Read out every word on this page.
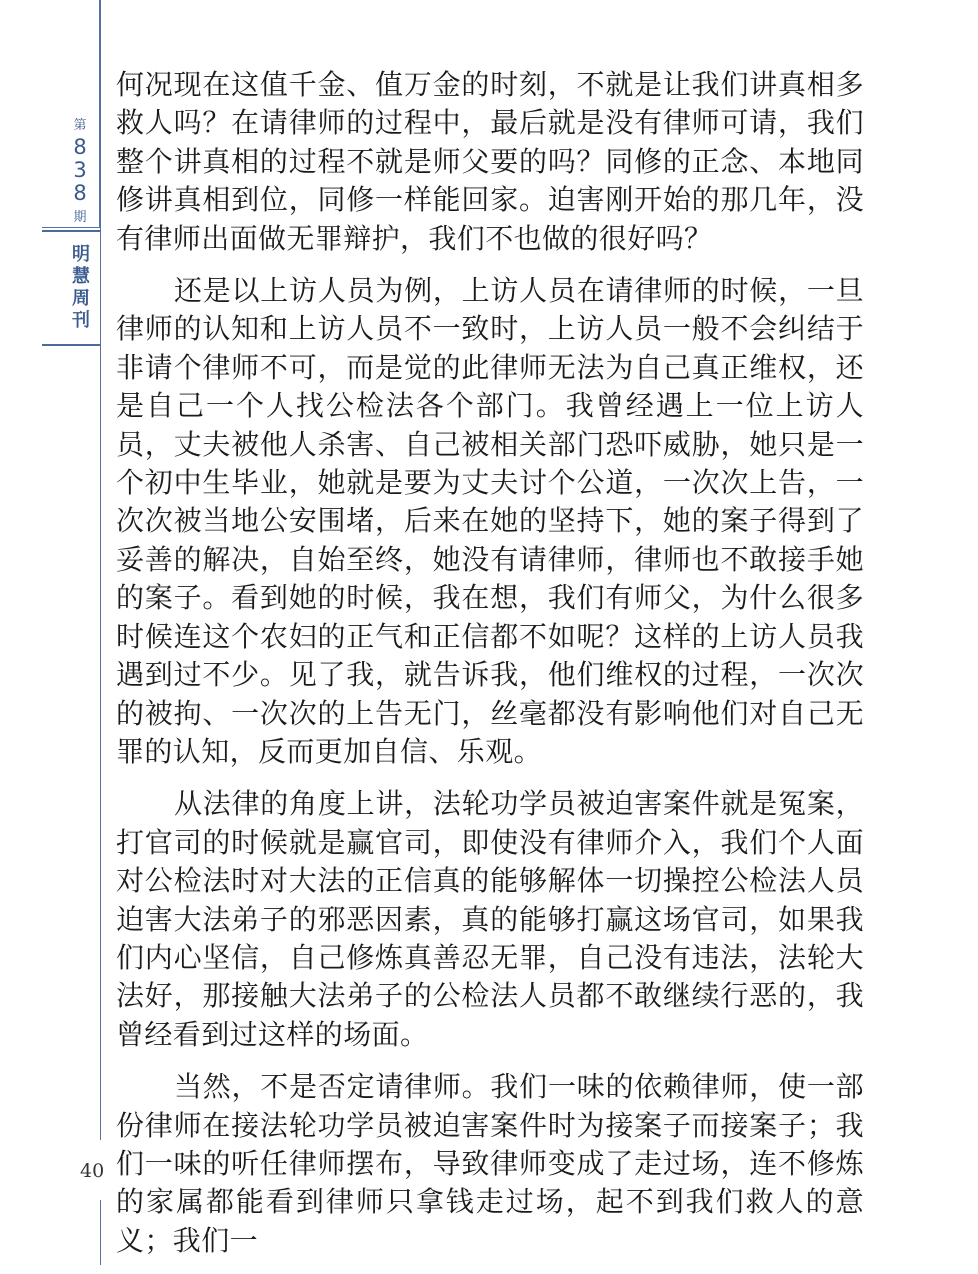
第
8
3
8
期
明
慧
周
刊
40

何况现在这值千金、值万金的时刻，不就是让我们讲真相多救人吗？在请律师的过程中，最后就是没有律师可请，我们整个讲真相的过程不就是师父要的吗？同修的正念、本地同修讲真相到位，同修一样能回家。迫害刚开始的那几年，没有律师出面做无罪辩护，我们不也做的很好吗？

还是以上访人员为例，上访人员在请律师的时候，一旦律师的认知和上访人员不一致时，上访人员一般不会纠结于非请个律师不可，而是觉的此律师无法为自己真正维权，还是自己一个人找公检法各个部门。我曾经遇上一位上访人员，丈夫被他人杀害、自己被相关部门恐吓威胁，她只是一个初中生毕业，她就是要为丈夫讨个公道，一次次上告，一次次被当地公安围堵，后来在她的坚持下，她的案子得到了妥善的解决，自始至终，她没有请律师，律师也不敢接手她的案子。看到她的时候，我在想，我们有师父，为什么很多时候连这个农妇的正气和正信都不如呢？这样的上访人员我遇到过不少。见了我，就告诉我，他们维权的过程，一次次的被拘、一次次的上告无门，丝毫都没有影响他们对自己无罪的认知，反而更加自信、乐观。

从法律的角度上讲，法轮功学员被迫害案件就是冤案，打官司的时候就是赢官司，即使没有律师介入，我们个人面对公检法时对大法的正信真的能够解体一切操控公检法人员迫害大法弟子的邪恶因素，真的能够打赢这场官司，如果我们内心坚信，自己修炼真善忍无罪，自己没有违法，法轮大法好，那接触大法弟子的公检法人员都不敢继续行恶的，我曾经看到过这样的场面。

当然，不是否定请律师。我们一味的依赖律师，使一部份律师在接法轮功学员被迫害案件时为接案子而接案子；我们一味的听任律师摆布，导致律师变成了走过场，连不修炼的家属都能看到律师只拿钱走过场，起不到我们救人的意义；我们一
